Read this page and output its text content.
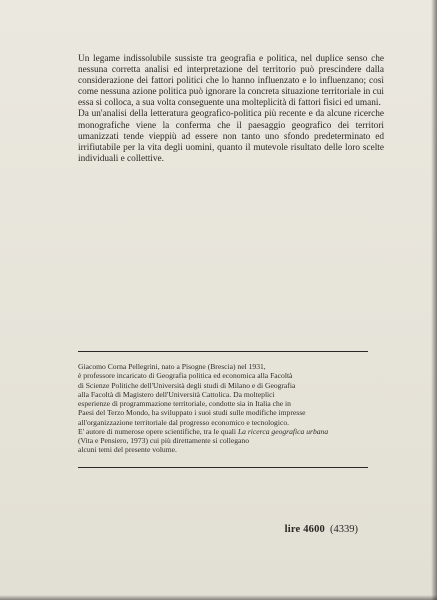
Un legame indissolubile sussiste tra geografia e politica, nel duplice senso che nessuna corretta analisi ed interpretazione del territorio può prescindere dalla considerazione dei fattori politici che lo hanno influenzato e lo influenzano; così come nessuna azione politica può ignorare la concreta situazione territoriale in cui essa si colloca, a sua volta conseguente una molteplicità di fattori fisici ed umani.

Da un'analisi della letteratura geografico-politica più recente e da alcune ricerche monografiche viene la conferma che il paesaggio geografico dei territori umanizzati tende vieppiù ad essere non tanto uno sfondo predeterminato ed irrifiutabile per la vita degli uomini, quanto il mutevole risultato delle loro scelte individuali e collettive.

Giacomo Corna Pellegrini, nato a Pisogne (Brescia) nel 1931,
è professore incaricato di Geografia politica ed economica alla Facoltà
di Scienze Politiche dell'Università degli studi di Milano e di Geografia
alla Facoltà di Magistero dell'Università Cattolica. Da molteplici
esperienze di programmazione territoriale, condotte sia in Italia che in
Paesi del Terzo Mondo, ha sviluppato i suoi studi sulle modifiche impresse
all'organizzazione territoriale dal progresso economico e tecnologico.
E' autore di numerose opere scientifiche, tra le quali La ricerca geografica urbana
(Vita e Pensiero, 1973) cui più direttamente si collegano
alcuni temi del presente volume.
lire 4600 (4339)
